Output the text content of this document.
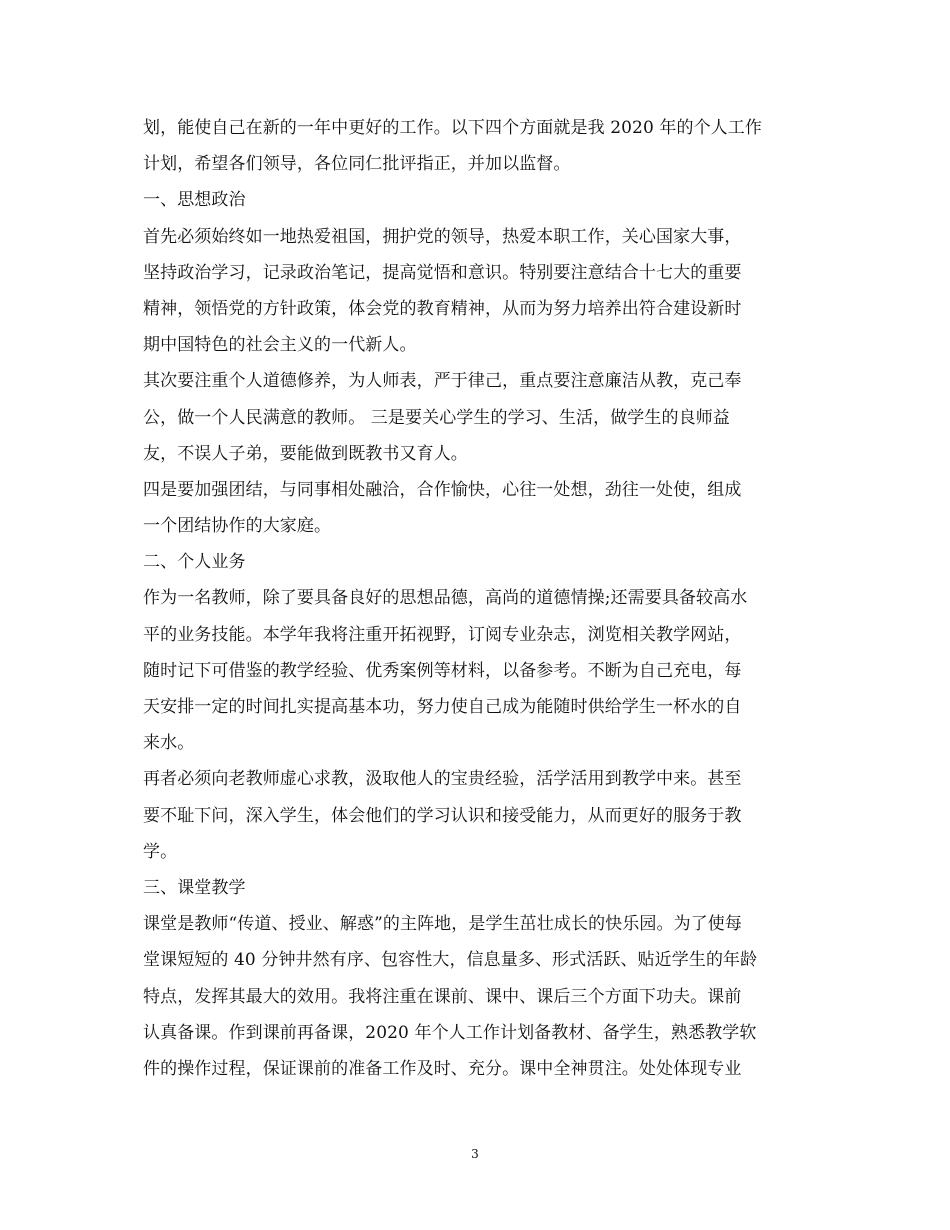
划，能使自己在新的一年中更好的工作。以下四个方面就是我 2020 年的个人工作
计划，希望各们领导，各位同仁批评指正，并加以监督。
一、思想政治
首先必须始终如一地热爱祖国，拥护党的领导，热爱本职工作，关心国家大事，
坚持政治学习，记录政治笔记，提高觉悟和意识。特别要注意结合十七大的重要
精神，领悟党的方针政策，体会党的教育精神，从而为努力培养出符合建设新时
期中国特色的社会主义的一代新人。
其次要注重个人道德修养，为人师表，严于律己，重点要注意廉洁从教，克己奉
公，做一个人民满意的教师。 三是要关心学生的学习、生活，做学生的良师益
友，不误人子弟，要能做到既教书又育人。
四是要加强团结，与同事相处融洽，合作愉快，心往一处想，劲往一处使，组成
一个团结协作的大家庭。
二、个人业务
作为一名教师，除了要具备良好的思想品德，高尚的道德情操;还需要具备较高水
平的业务技能。本学年我将注重开拓视野，订阅专业杂志，浏览相关教学网站，
随时记下可借鉴的教学经验、优秀案例等材料，以备参考。不断为自己充电，每
天安排一定的时间扎实提高基本功，努力使自己成为能随时供给学生一杯水的自
来水。
再者必须向老教师虚心求教，汲取他人的宝贵经验，活学活用到教学中来。甚至
要不耻下问，深入学生，体会他们的学习认识和接受能力，从而更好的服务于教
学。
三、课堂教学
课堂是教师“传道、授业、解惑”的主阵地，是学生茁壮成长的快乐园。为了使每
堂课短短的 40 分钟井然有序、包容性大，信息量多、形式活跃、贴近学生的年龄
特点，发挥其最大的效用。我将注重在课前、课中、课后三个方面下功夫。课前
认真备课。作到课前再备课，2020 年个人工作计划备教材、备学生，熟悉教学软
件的操作过程，保证课前的准备工作及时、充分。课中全神贯注。处处体现专业
3
